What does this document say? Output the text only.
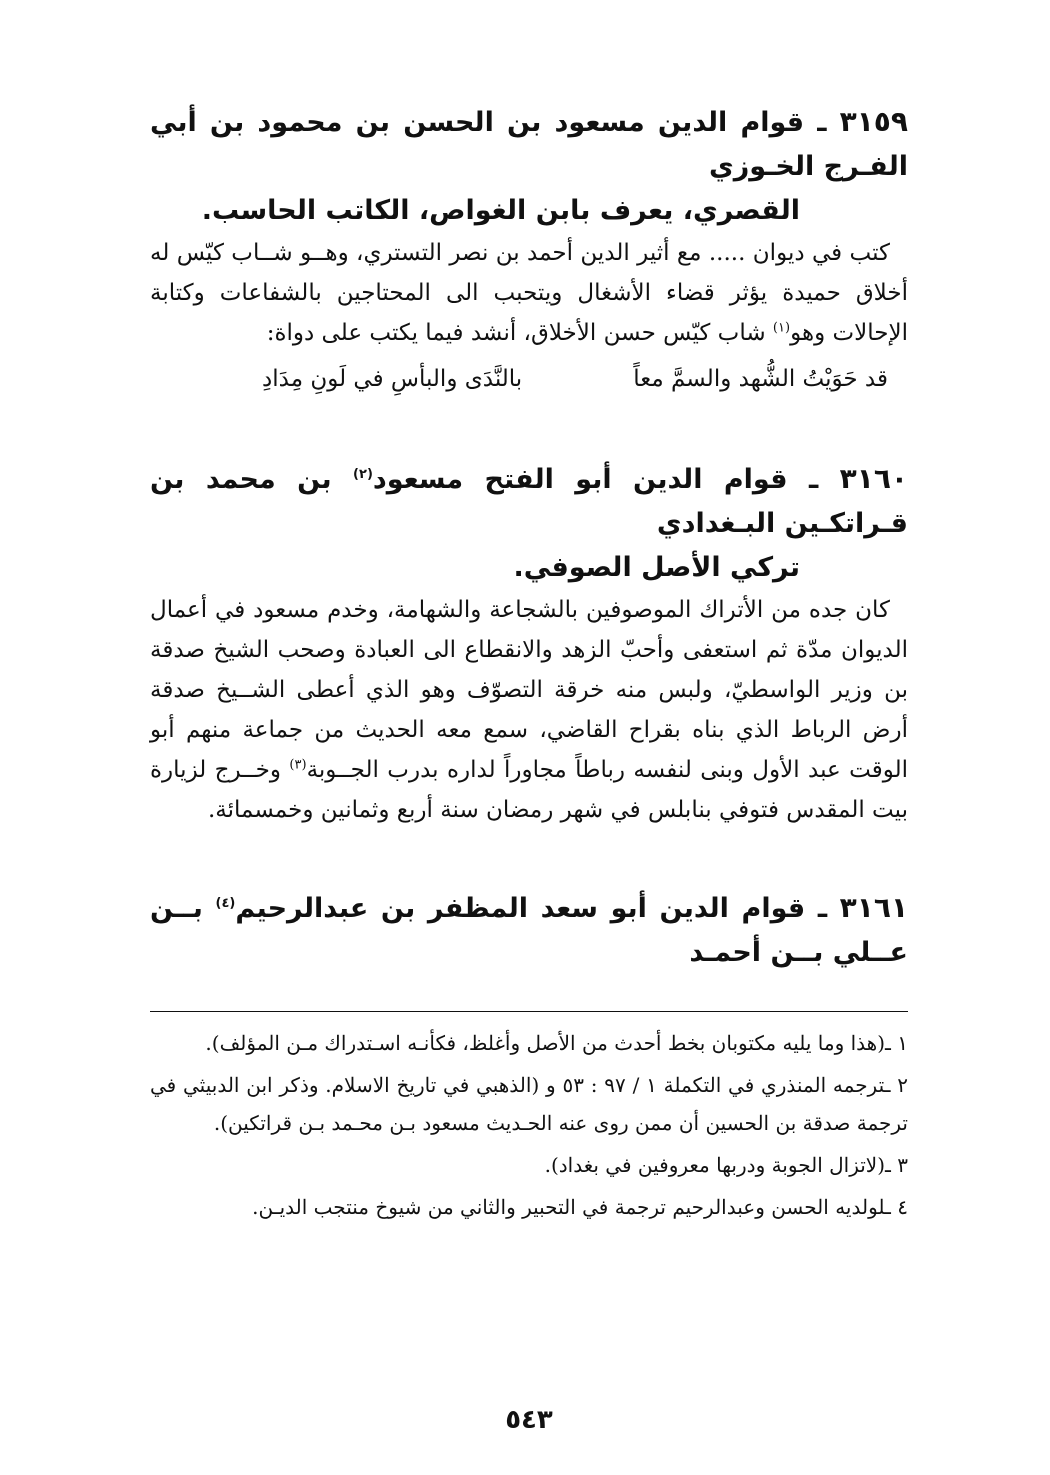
٣١٥٩ ـ قوام الدين مسعود بن الحسن بن محمود بن أبي الفـرج الخـوزي
القصري، يعرف بابن الغواص، الكاتب الحاسب.

كتب في ديوان ..... مع أثير الدين أحمد بن نصر التستري، وهــو شــاب كيّس له أخلاق حميدة يؤثر قضاء الأشغال ويتحبب الى المحتاجين بالشفاعات وكتابة الإحالات وهو$^{(١)}$ شاب كيّس حسن الأخلاق، أنشد فيما يكتب على دواة:

قد حَوَيْتُ الشُّهد والسمَّ معاً
بالنَّدَى والبأسِ في لَونِ مِدَادِ
٣١٦٠ ـ قوام الدين أبو الفتح مسعود$^{(٢)}$ بن محمد بن قـراتكـين البـغدادي
تركي الأصل الصوفي.

كان جده من الأتراك الموصوفين بالشجاعة والشهامة، وخدم مسعود في أعمال الديوان مدّة ثم استعفى وأحبّ الزهد والانقطاع الى العبادة وصحب الشيخ صدقة بن وزير الواسطيّ، ولبس منه خرقة التصوّف وهو الذي أعطى الشــيخ صدقة أرض الرباط الذي بناه بقراح القاضي، سمع معه الحديث من جماعة منهم أبو الوقت عبد الأول وبنى لنفسه رباطاً مجاوراً لداره بدرب الجــوبة$^{(٣)}$ وخــرج لزيارة بيت المقدس فتوفي بنابلس في شهر رمضان سنة أربع وثمانين وخمسمائة.

٣١٦١ ـ قوام الدين أبو سعد المظفر بن عبدالرحيم$^{(٤)}$ بــن عــلي بــن أحمـد

١ ـ(هذا وما يليه مكتوبان بخط أحدث من الأصل وأغلظ، فكأنـه اسـتدراك مـن المؤلف).

٢ ـترجمه المنذري في التكملة ١ / ٩٧ : ٥٣ و (الذهبي في تاريخ الاسلام. وذكر ابن الدبيثي في ترجمة صدقة بن الحسين أن ممن روى عنه الحـديث مسعود بـن محـمد بـن قراتكين).

٣ ـ(لاتزال الجوبة ودربها معروفين في بغداد).

٤ ـلولديه الحسن وعبدالرحيم ترجمة في التحبير والثاني من شيوخ منتجب الديـن.

٥٤٣
